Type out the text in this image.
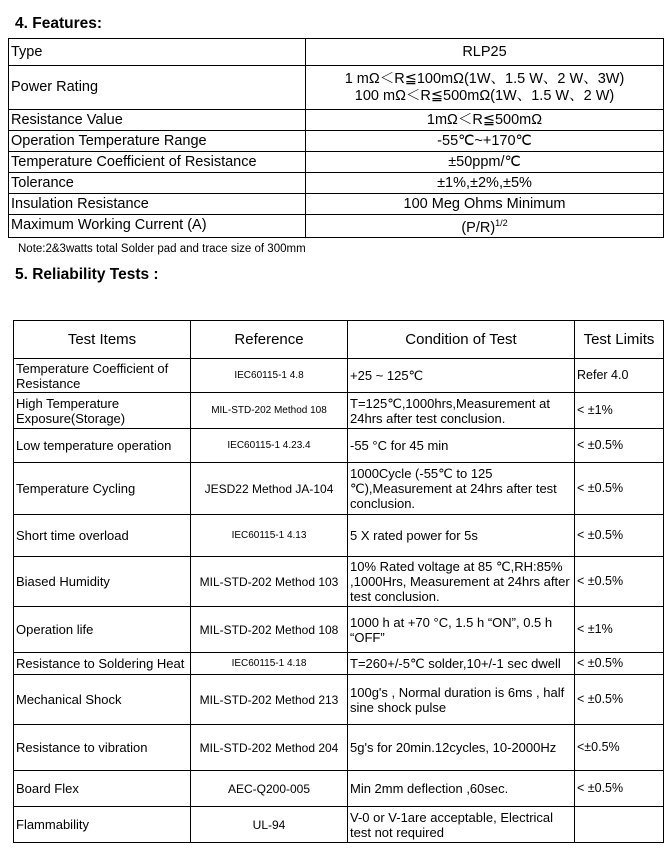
4. Features:
Type	RLP25
Power Rating	1 mΩ＜R≦100mΩ(1W、1.5 W、2 W、3W)
100 mΩ＜R≦500mΩ(1W、1.5 W、2 W)

Resistance Value	1mΩ＜R≦500mΩ
Operation Temperature Range	-55℃~+170℃
Temperature Coefficient of Resistance	±50ppm/℃
Tolerance	±1%,±2%,±5%
Insulation Resistance	100 Meg Ohms Minimum
Maximum Working Current (A)	$(P/R)^{1/2}$

Note:2&3watts total Solder pad and trace size of 300mm

5. Reliability Tests :
Test Items	Reference	Condition of Test	Test Limits
Temperature Coefficient of Resistance	IEC60115-1 4.8	+25 ~ 125℃	Refer 4.0
High Temperature Exposure(Storage)	MIL-STD-202 Method 108	T=125℃,1000hrs,Measurement at 24hrs after test conclusion.	< ±1%
Low temperature operation	IEC60115-1 4.23.4	-55 °C for 45 min	< ±0.5%
Temperature Cycling	JESD22 Method JA-104	1000Cycle (-55℃ to 125 ℃),Measurement at 24hrs after test conclusion.	< ±0.5%
Short time overload	IEC60115-1 4.13	5 X rated power for 5s	< ±0.5%
Biased Humidity	MIL-STD-202 Method 103	10% Rated voltage at 85 ℃,RH:85% ,1000Hrs, Measurement at 24hrs after test conclusion.	< ±0.5%
Operation life	MIL-STD-202 Method 108	1000 h at +70 °C, 1.5 h “ON”, 0.5 h “OFF”	< ±1%
Resistance to Soldering Heat	IEC60115-1 4.18	T=260+/-5℃ solder,10+/-1 sec dwell	< ±0.5%
Mechanical Shock	MIL-STD-202 Method 213	100g's , Normal duration is 6ms , half sine shock pulse	< ±0.5%
Resistance to vibration	MIL-STD-202 Method 204	5g's for 20min.12cycles, 10-2000Hz	<±0.5%
Board Flex	AEC-Q200-005	Min 2mm deflection ,60sec.	< ±0.5%
Flammability	UL-94	V-0 or V-1are acceptable, Electrical test not required	
